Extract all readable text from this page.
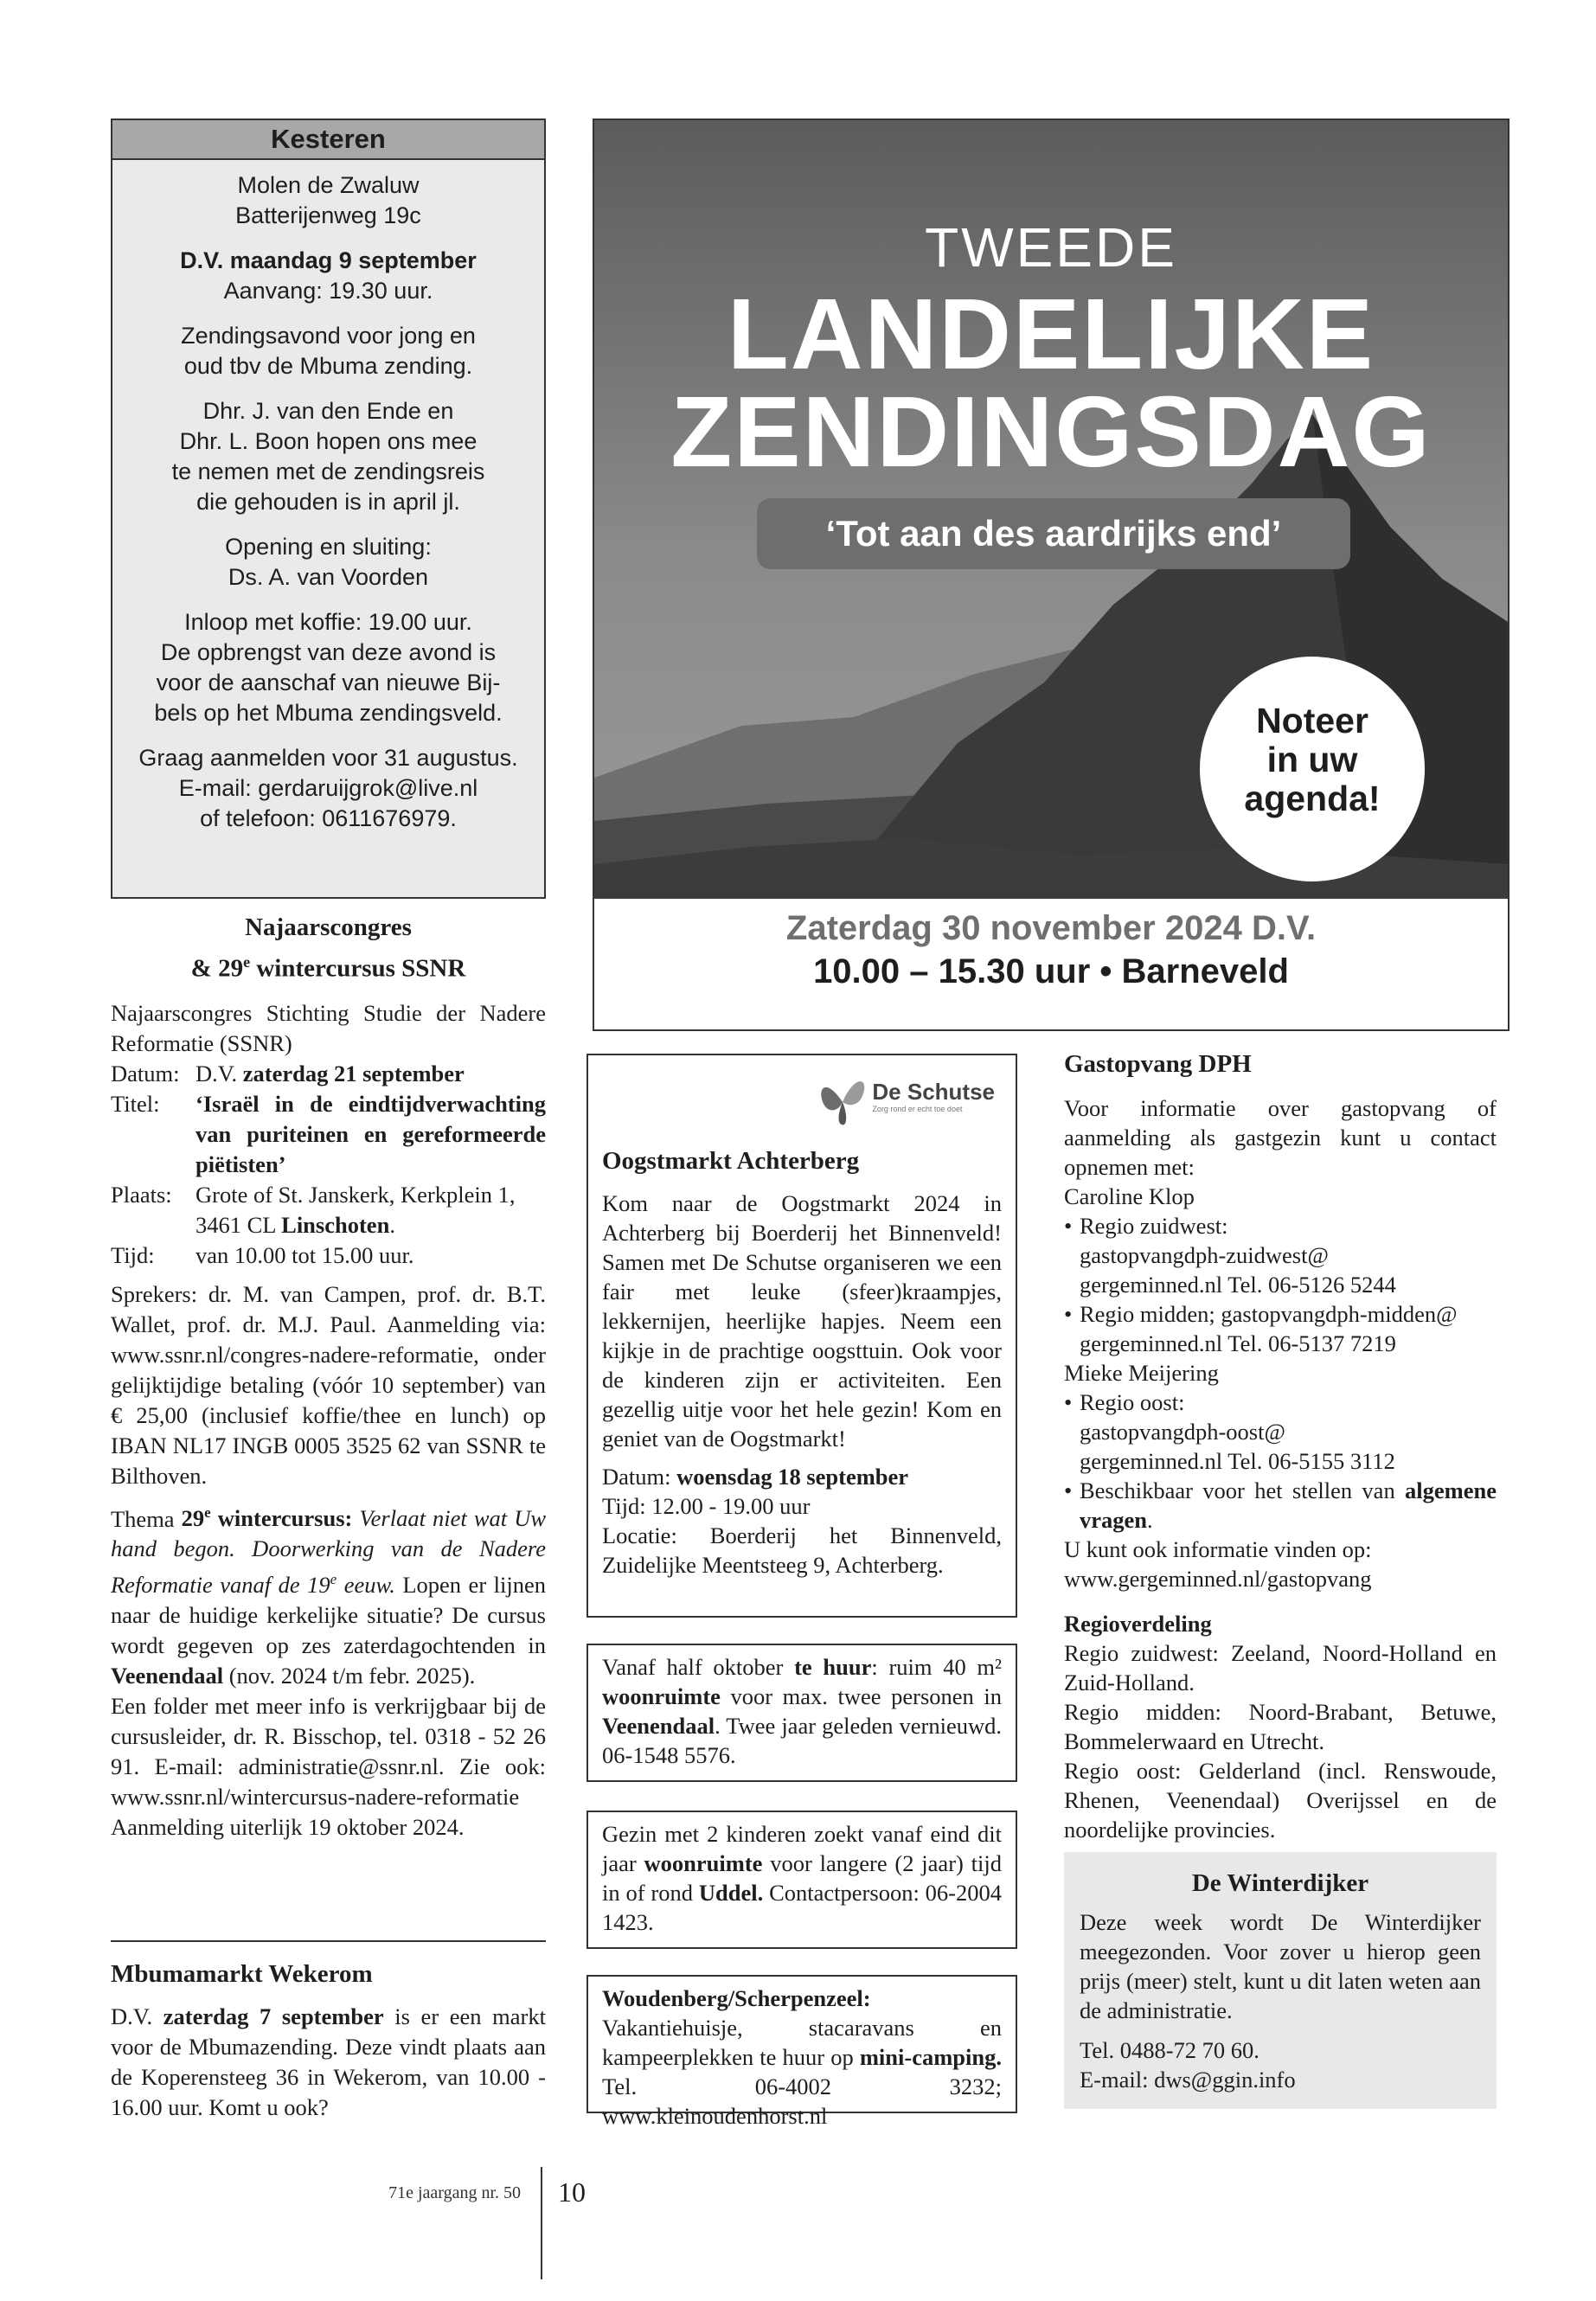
Kesteren

Molen de Zwaluw
Batterijenweg 19c

D.V. maandag 9 september
Aanvang: 19.30 uur.

Zendingsavond voor jong en
oud tbv de Mbuma zending.

Dhr. J. van den Ende en
Dhr. L. Boon hopen ons mee
te nemen met de zendingsreis
die gehouden is in april jl.

Opening en sluiting:
Ds. A. van Voorden

Inloop met koffie: 19.00 uur.
De opbrengst van deze avond is
voor de aanschaf van nieuwe Bij-
bels op het Mbuma zendingsveld.

Graag aanmelden voor 31 augustus.
E-mail: gerdaruijgrok@live.nl
of telefoon: 0611676979.

Najaarscongres
& 29e wintercursus SSNR

Najaarscongres Stichting Studie der Nadere Reformatie (SSNR)

Datum: D.V. zaterdag 21 september
Titel:	‘Israël in de eindtijdverwachting van puriteinen en gereformeerde piëtisten’
Plaats:	Grote of St. Janskerk, Kerkplein 1, 3461 CL Linschoten.
Tijd:	van 10.00 tot 15.00 uur.

Sprekers: dr. M. van Campen, prof. dr. B.T. Wallet, prof. dr. M.J. Paul. Aanmelding via: www.ssnr.nl/congres-nadere-reformatie, onder gelijktijdige betaling (vóór 10 september) van € 25,00 (inclusief koffie/thee en lunch) op IBAN NL17 INGB 0005 3525 62 van SSNR te Bilthoven.

Thema 29e wintercursus: Verlaat niet wat Uw hand begon. Doorwerking van de Nadere Reformatie vanaf de 19e eeuw. Lopen er lijnen naar de huidige kerkelijke situatie? De cursus wordt gegeven op zes zaterdagochtenden in Veenendaal (nov. 2024 t/m febr. 2025).

Een folder met meer info is verkrijgbaar bij de cursusleider, dr. R. Bisschop, tel. 0318 - 52 26 91. E-mail: administratie@ssnr.nl. Zie ook: www.ssnr.nl/wintercursus-nadere-reformatie

Aanmelding uiterlijk 19 oktober 2024.

Mbumamarkt Wekerom

D.V. zaterdag 7 september is er een markt voor de Mbumazending. Deze vindt plaats aan de Koperensteeg 36 in Wekerom, van 10.00 - 16.00 uur. Komt u ook?

TWEEDE
LANDELIJKE
ZENDINGSDAG
‘Tot aan des aardrijks end’
Noteer
in uw
agenda!
Zaterdag 30 november 2024 D.V.
10.00 – 15.30 uur • Barneveld
De Schutse
Zorg rond er echt toe doet
Oogstmarkt Achterberg

Kom naar de Oogstmarkt 2024 in Achterberg bij Boerderij het Binnenveld! Samen met De Schutse organiseren we een fair met leuke (sfeer)kraampjes, lekkernijen, heerlijke hapjes. Neem een kijkje in de prachtige oogsttuin. Ook voor de kinderen zijn er activiteiten. Een gezellig uitje voor het hele gezin! Kom en geniet van de Oogstmarkt!

Datum: woensdag 18 september

Tijd: 12.00 - 19.00 uur

Locatie: Boerderij het Binnenveld, Zuidelijke Meentsteeg 9, Achterberg.

Vanaf half oktober te huur: ruim 40 m² woonruimte voor max. twee personen in Veenendaal. Twee jaar geleden vernieuwd. 06-1548 5576.
Gezin met 2 kinderen zoekt vanaf eind dit jaar woonruimte voor langere (2 jaar) tijd in of rond Uddel. Contactpersoon: 06-2004 1423.
Woudenberg/Scherpenzeel: Vakantiehuisje, stacaravans en kampeerplekken te huur op mini-camping. Tel. 06-4002 3232; www.kleinoudenhorst.nl
Gastopvang DPH

Voor informatie over gastopvang of aanmelding als gastgezin kunt u contact opnemen met:

Caroline Klop

• Regio zuidwest:
gastopvangdph-zuidwest@
gergeminned.nl Tel. 06-5126 5244
• Regio midden; gastopvangdph-midden@
gergeminned.nl Tel. 06-5137 7219

Mieke Meijering

• Regio oost:
gastopvangdph-oost@
gergeminned.nl Tel. 06-5155 3112
• Beschikbaar voor het stellen van algemene vragen.

U kunt ook informatie vinden op:

www.gergeminned.nl/gastopvang

Regioverdeling

Regio zuidwest: Zeeland, Noord-Holland en Zuid-Holland.

Regio midden: Noord-Brabant, Betuwe, Bommelerwaard en Utrecht.

Regio oost: Gelderland (incl. Renswoude, Rhenen, Veenendaal) Overijssel en de noordelijke provincies.

De Winterdijker

Deze week wordt De Winterdijker meegezonden. Voor zover u hierop geen prijs (meer) stelt, kunt u dit laten weten aan de administratie.

Tel. 0488-72 70 60.

E-mail: dws@ggin.info

71e jaargang nr. 50 10
